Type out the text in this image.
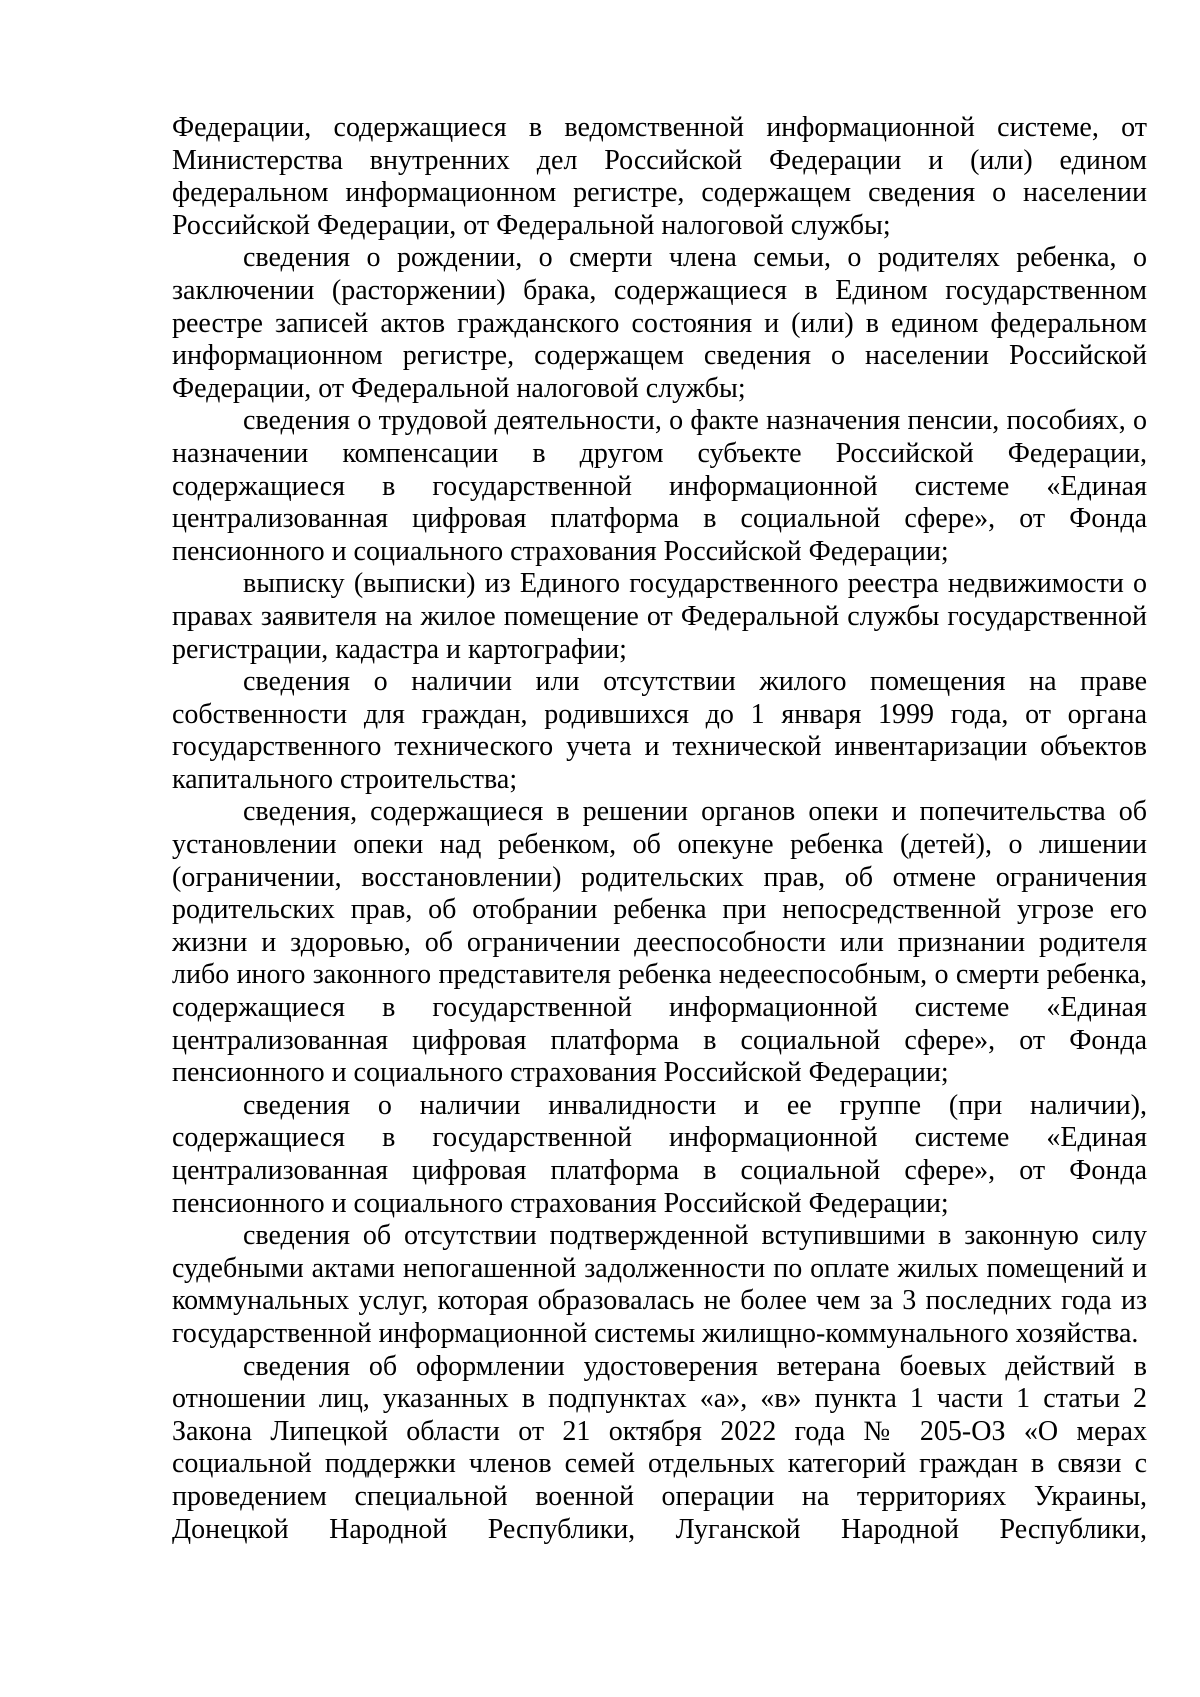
Федерации, содержащиеся в ведомственной информационной системе, от Министерства внутренних дел Российской Федерации и (или) едином федеральном информационном регистре, содержащем сведения о населении Российской Федерации, от Федеральной налоговой службы;

сведения о рождении, о смерти члена семьи, о родителях ребенка, о заключении (расторжении) брака, содержащиеся в Едином государственном реестре записей актов гражданского состояния и (или) в едином федеральном информационном регистре, содержащем сведения о населении Российской Федерации, от Федеральной налоговой службы;

сведения о трудовой деятельности, о факте назначения пенсии, пособиях, о назначении компенсации в другом субъекте Российской Федерации, содержащиеся в государственной информационной системе «Единая централизованная цифровая платформа в социальной сфере», от Фонда пенсионного и социального страхования Российской Федерации;

выписку (выписки) из Единого государственного реестра недвижимости о правах заявителя на жилое помещение от Федеральной службы государственной регистрации, кадастра и картографии;

сведения о наличии или отсутствии жилого помещения на праве собственности для граждан, родившихся до 1 января 1999 года, от органа государственного технического учета и технической инвентаризации объектов капитального строительства;

сведения, содержащиеся в решении органов опеки и попечительства об установлении опеки над ребенком, об опекуне ребенка (детей), о лишении (ограничении, восстановлении) родительских прав, об отмене ограничения родительских прав, об отобрании ребенка при непосредственной угрозе его жизни и здоровью, об ограничении дееспособности или признании родителя либо иного законного представителя ребенка недееспособным, о смерти ребенка, содержащиеся в государственной информационной системе «Единая централизованная цифровая платформа в социальной сфере», от Фонда пенсионного и социального страхования Российской Федерации;

сведения о наличии инвалидности и ее группе (при наличии), содержащиеся в государственной информационной системе «Единая централизованная цифровая платформа в социальной сфере», от Фонда пенсионного и социального страхования Российской Федерации;

сведения об отсутствии подтвержденной вступившими в законную силу судебными актами непогашенной задолженности по оплате жилых помещений и коммунальных услуг, которая образовалась не более чем за 3 последних года из государственной информационной системы жилищно-коммунального хозяйства.

сведения об оформлении удостоверения ветерана боевых действий в отношении лиц, указанных в подпунктах «а», «в» пункта 1 части 1 статьи 2 Закона Липецкой области от 21 октября 2022 года № 205-ОЗ «О мерах социальной поддержки членов семей отдельных категорий граждан в связи с проведением специальной военной операции на территориях Украины, Донецкой Народной Республики, Луганской Народной Республики,
